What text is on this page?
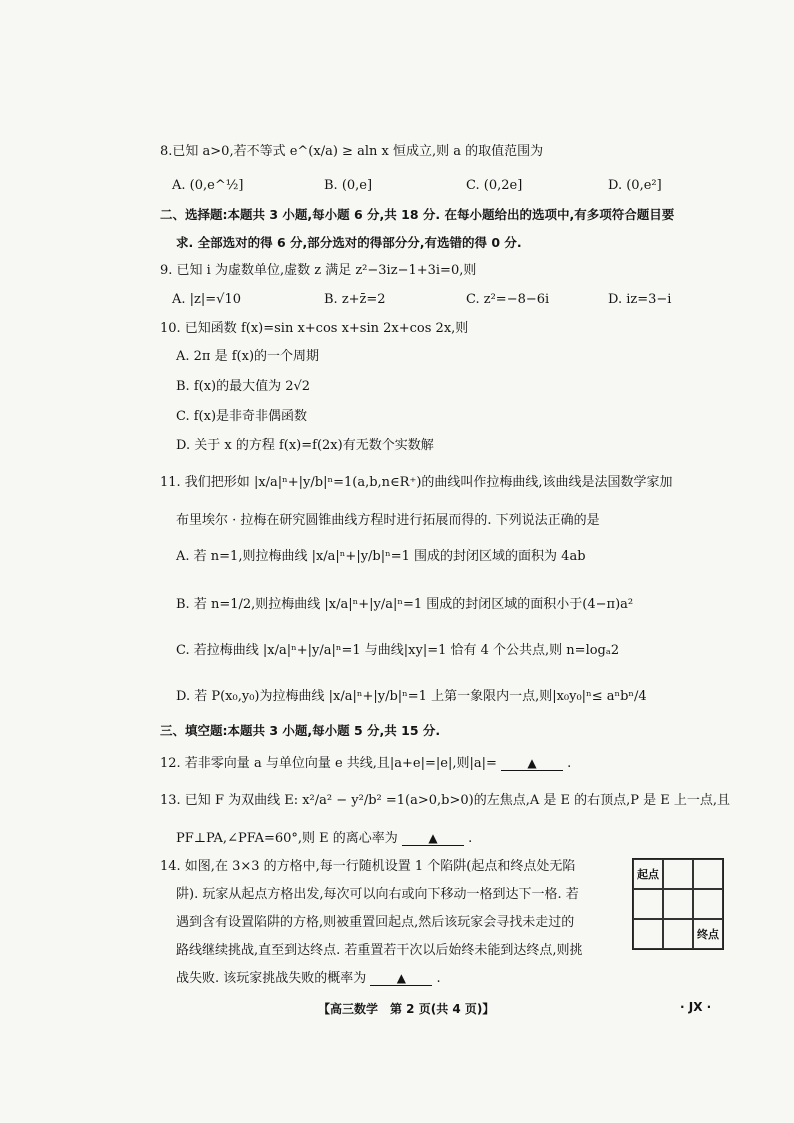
8.已知 a>0,若不等式 e^(x/a) ≥ aln x 恒成立,则 a 的取值范围为
A. (0,e^½]	B. (0,e]	C. (0,2e]	D. (0,e²]
二、选择题:本题共 3 小题,每小题 6 分,共 18 分. 在每小题给出的选项中,有多项符合题目要
求. 全部选对的得 6 分,部分选对的得部分分,有选错的得 0 分.
9. 已知 i 为虚数单位,虚数 z 满足 z²−3iz−1+3i=0,则
A. |z|=√10	B. z+z̄=2	C. z²=−8−6i	D. iz=3−i
10. 已知函数 f(x)=sin x+cos x+sin 2x+cos 2x,则
A. 2π 是 f(x)的一个周期
B. f(x)的最大值为 2√2
C. f(x)是非奇非偶函数
D. 关于 x 的方程 f(x)=f(2x)有无数个实数解
11. 我们把形如 |x/a|ⁿ+|y/b|ⁿ=1(a,b,n∈R⁺)的曲线叫作拉梅曲线,该曲线是法国数学家加
布里埃尔 · 拉梅在研究圆锥曲线方程时进行拓展而得的. 下列说法正确的是
A. 若 n=1,则拉梅曲线 |x/a|ⁿ+|y/b|ⁿ=1 围成的封闭区域的面积为 4ab
B. 若 n=1/2,则拉梅曲线 |x/a|ⁿ+|y/a|ⁿ=1 围成的封闭区域的面积小于(4−π)a²
C. 若拉梅曲线 |x/a|ⁿ+|y/a|ⁿ=1 与曲线|xy|=1 恰有 4 个公共点,则 n=logₐ2
D. 若 P(x₀,y₀)为拉梅曲线 |x/a|ⁿ+|y/b|ⁿ=1 上第一象限内一点,则|x₀y₀|ⁿ≤ aⁿbⁿ/4
三、填空题:本题共 3 小题,每小题 5 分,共 15 分.
12. 若非零向量 a 与单位向量 e 共线,且|a+e|=|e|,则|a|=	▲ .
13. 已知 F 为双曲线 E: x²/a² − y²/b² =1(a>0,b>0)的左焦点,A 是 E 的右顶点,P 是 E 上一点,且
PF⊥PA,∠PFA=60°,则 E 的离心率为	▲ .
14. 如图,在 3×3 的方格中,每一行随机设置 1 个陷阱(起点和终点处无陷
阱). 玩家从起点方格出发,每次可以向右或向下移动一格到达下一格. 若
遇到含有设置陷阱的方格,则被重置回起点,然后该玩家会寻找未走过的
路线继续挑战,直至到达终点. 若重置若干次以后始终未能到达终点,则挑
战失败. 该玩家挑战失败的概率为	▲ .
起点
终点
【高三数学　第 2 页(共 4 页)】	· JX ·
